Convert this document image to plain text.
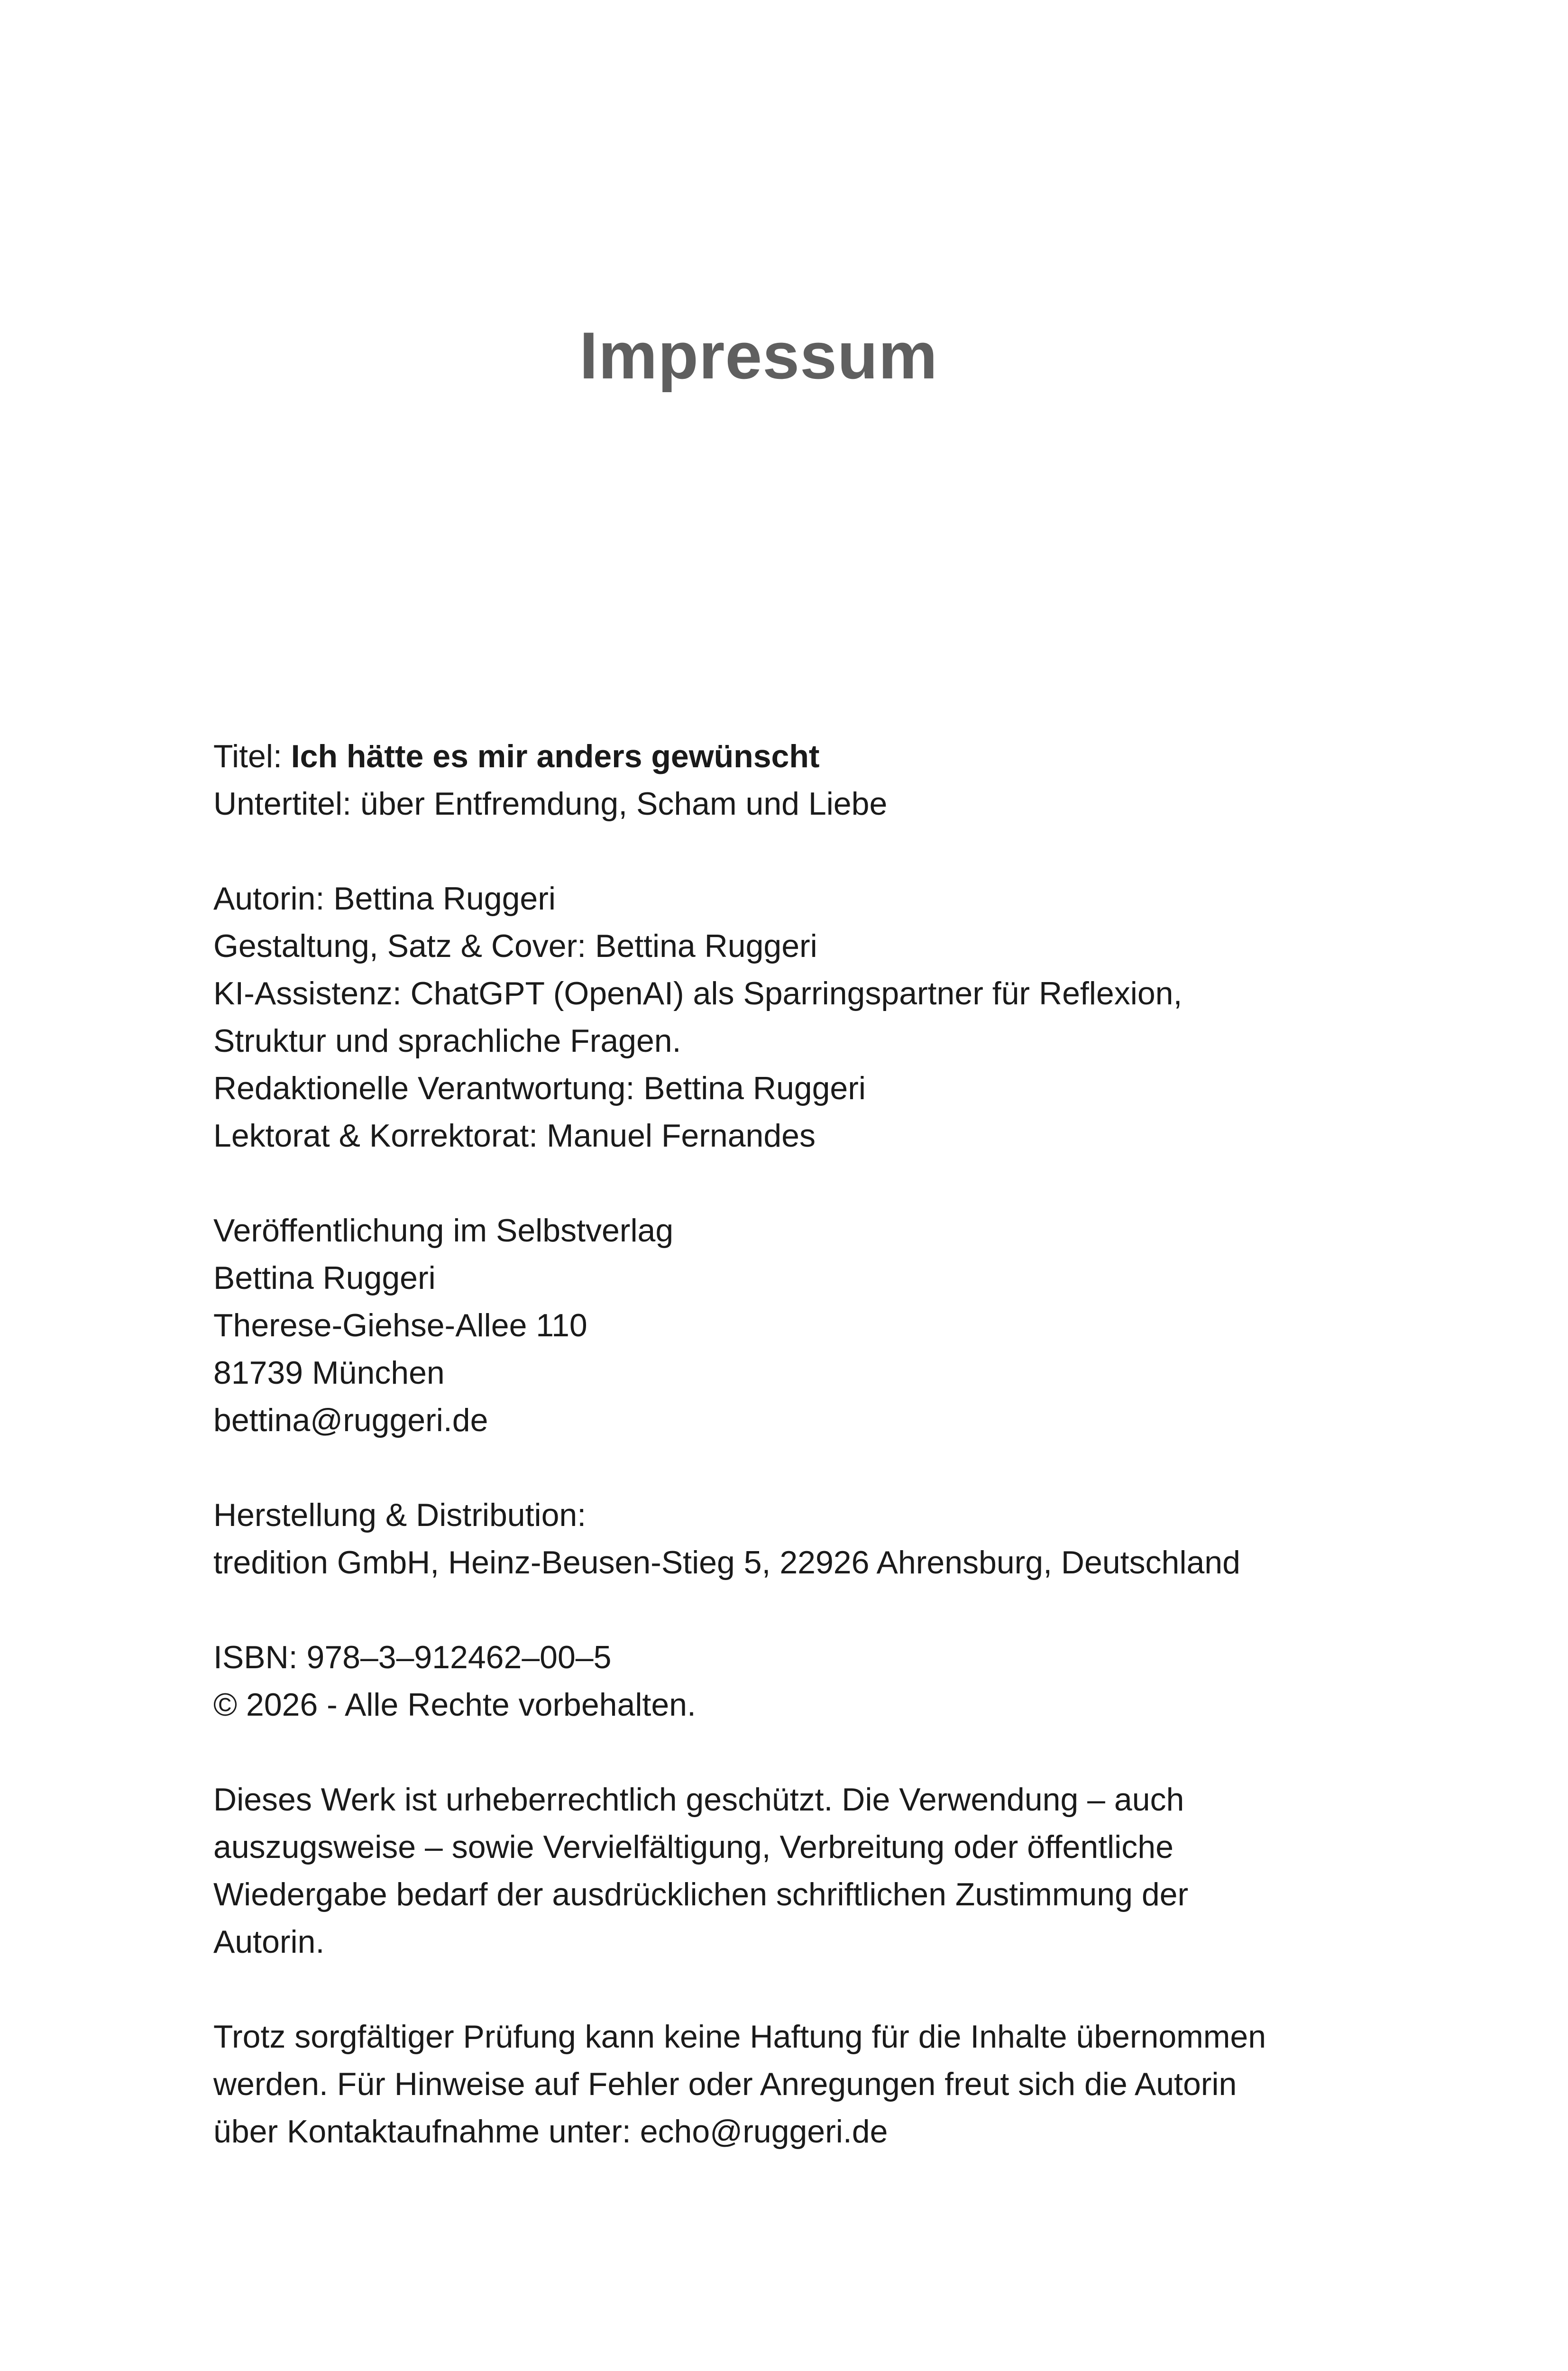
Impressum
Titel: Ich hätte es mir anders gewünscht
Untertitel: über Entfremdung, Scham und Liebe
Autorin: Bettina Ruggeri
Gestaltung, Satz & Cover: Bettina Ruggeri
KI-Assistenz: ChatGPT (OpenAI) als Sparringspartner für Reflexion,
Struktur und sprachliche Fragen.
Redaktionelle Verantwortung: Bettina Ruggeri
Lektorat & Korrektorat: Manuel Fernandes
Veröffentlichung im Selbstverlag
Bettina Ruggeri
Therese-Giehse-Allee 110
81739 München
bettina@ruggeri.de
Herstellung & Distribution:
tredition GmbH, Heinz-Beusen-Stieg 5, 22926 Ahrensburg, Deutschland
ISBN: 978–3–912462–00–5
© 2026 - Alle Rechte vorbehalten.
Dieses Werk ist urheberrechtlich geschützt. Die Verwendung – auch
auszugsweise – sowie Vervielfältigung, Verbreitung oder öffentliche
Wiedergabe bedarf der ausdrücklichen schriftlichen Zustimmung der
Autorin.
Trotz sorgfältiger Prüfung kann keine Haftung für die Inhalte übernommen
werden. Für Hinweise auf Fehler oder Anregungen freut sich die Autorin
über Kontaktaufnahme unter: echo@ruggeri.de
